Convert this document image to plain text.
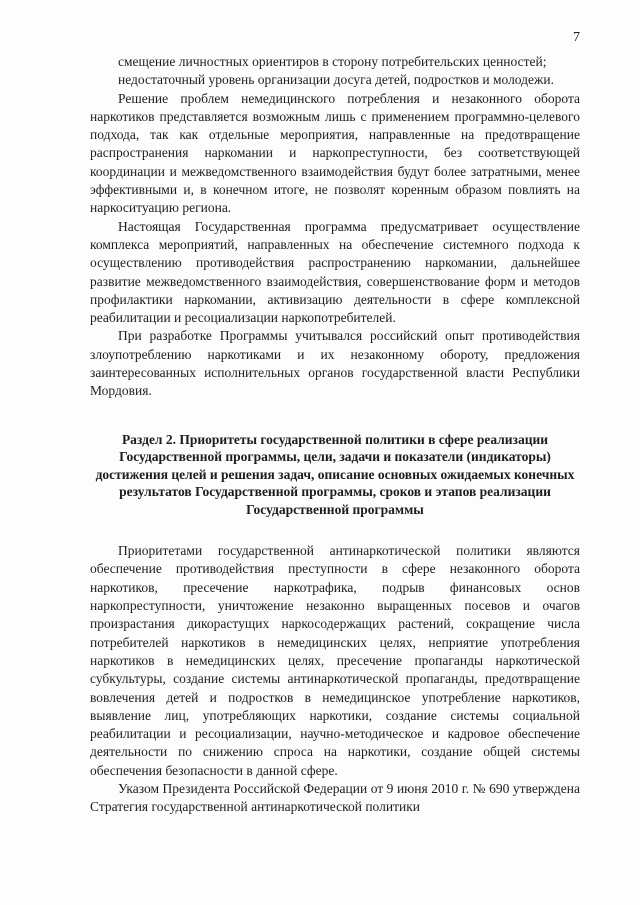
7

смещение личностных ориентиров в сторону потребительских ценностей;

недостаточный уровень организации досуга детей, подростков и молодежи.

Решение проблем немедицинского потребления и незаконного оборота наркотиков представляется возможным лишь с применением программно-целевого подхода, так как отдельные мероприятия, направленные на предотвращение распространения наркомании и наркопреступности, без соответствующей координации и межведомственного взаимодействия будут более затратными, менее эффективными и, в конечном итоге, не позволят коренным образом повлиять на наркоситуацию региона.

Настоящая Государственная программа предусматривает осуществление комплекса мероприятий, направленных на обеспечение системного подхода к осуществлению противодействия распространению наркомании, дальнейшее развитие межведомственного взаимодействия, совершенствование форм и методов профилактики наркомании, активизацию деятельности в сфере комплексной реабилитации и ресоциализации наркопотребителей.

При разработке Программы учитывался российский опыт противодействия злоупотреблению наркотиками и их незаконному обороту, предложения заинтересованных исполнительных органов государственной власти Республики Мордовия.

Раздел 2. Приоритеты государственной политики в сфере реализации Государственной программы, цели, задачи и показатели (индикаторы) достижения целей и решения задач, описание основных ожидаемых конечных результатов Государственной программы, сроков и этапов реализации Государственной программы

Приоритетами государственной антинаркотической политики являются обеспечение противодействия преступности в сфере незаконного оборота наркотиков, пресечение наркотрафика, подрыв финансовых основ наркопреступности, уничтожение незаконно выращенных посевов и очагов произрастания дикорастущих наркосодержащих растений, сокращение числа потребителей наркотиков в немедицинских целях, неприятие употребления наркотиков в немедицинских целях, пресечение пропаганды наркотической субкультуры, создание системы антинаркотической пропаганды, предотвращение вовлечения детей и подростков в немедицинское употребление наркотиков, выявление лиц, употребляющих наркотики, создание системы социальной реабилитации и ресоциализации, научно-методическое и кадровое обеспечение деятельности по снижению спроса на наркотики, создание общей системы обеспечения безопасности в данной сфере.

Указом Президента Российской Федерации от 9 июня 2010 г. № 690 утверждена Стратегия государственной антинаркотической политики
